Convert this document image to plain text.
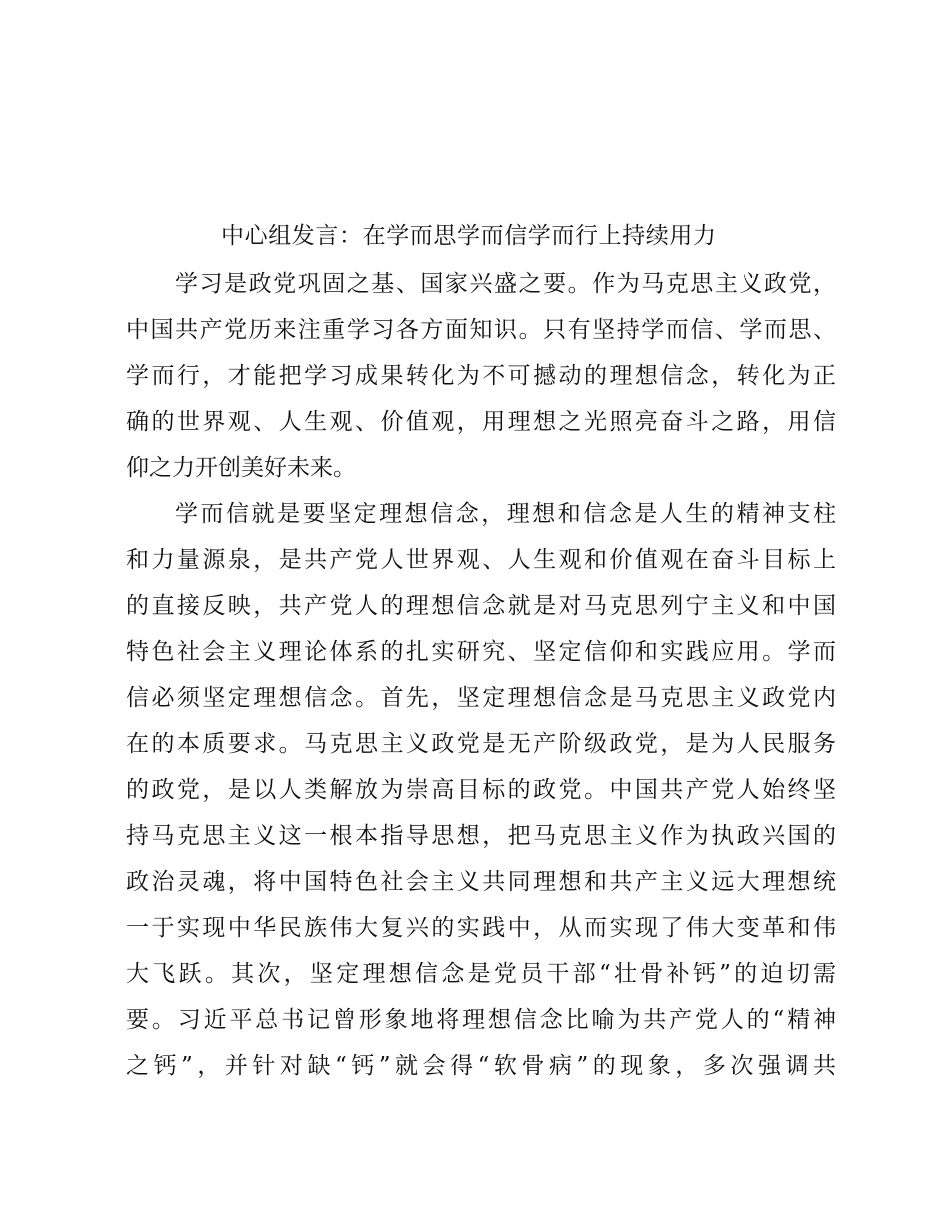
中心组发言：在学而思学而信学而行上持续用力
学习是政党巩固之基、国家兴盛之要。作为马克思主义政党，
中国共产党历来注重学习各方面知识。只有坚持学而信、学而思、
学而行，才能把学习成果转化为不可撼动的理想信念，转化为正
确的世界观、人生观、价值观，用理想之光照亮奋斗之路，用信
仰之力开创美好未来。
学而信就是要坚定理想信念，理想和信念是人生的精神支柱
和力量源泉，是共产党人世界观、人生观和价值观在奋斗目标上
的直接反映，共产党人的理想信念就是对马克思列宁主义和中国
特色社会主义理论体系的扎实研究、坚定信仰和实践应用。学而
信必须坚定理想信念。首先，坚定理想信念是马克思主义政党内
在的本质要求。马克思主义政党是无产阶级政党，是为人民服务
的政党，是以人类解放为崇高目标的政党。中国共产党人始终坚
持马克思主义这一根本指导思想，把马克思主义作为执政兴国的
政治灵魂，将中国特色社会主义共同理想和共产主义远大理想统
一于实现中华民族伟大复兴的实践中，从而实现了伟大变革和伟
大飞跃。其次，坚定理想信念是党员干部“壮骨补钙”的迫切需
要。习近平总书记曾形象地将理想信念比喻为共产党人的“精神
之钙”，并针对缺“钙”就会得“软骨病”的现象，多次强调共
